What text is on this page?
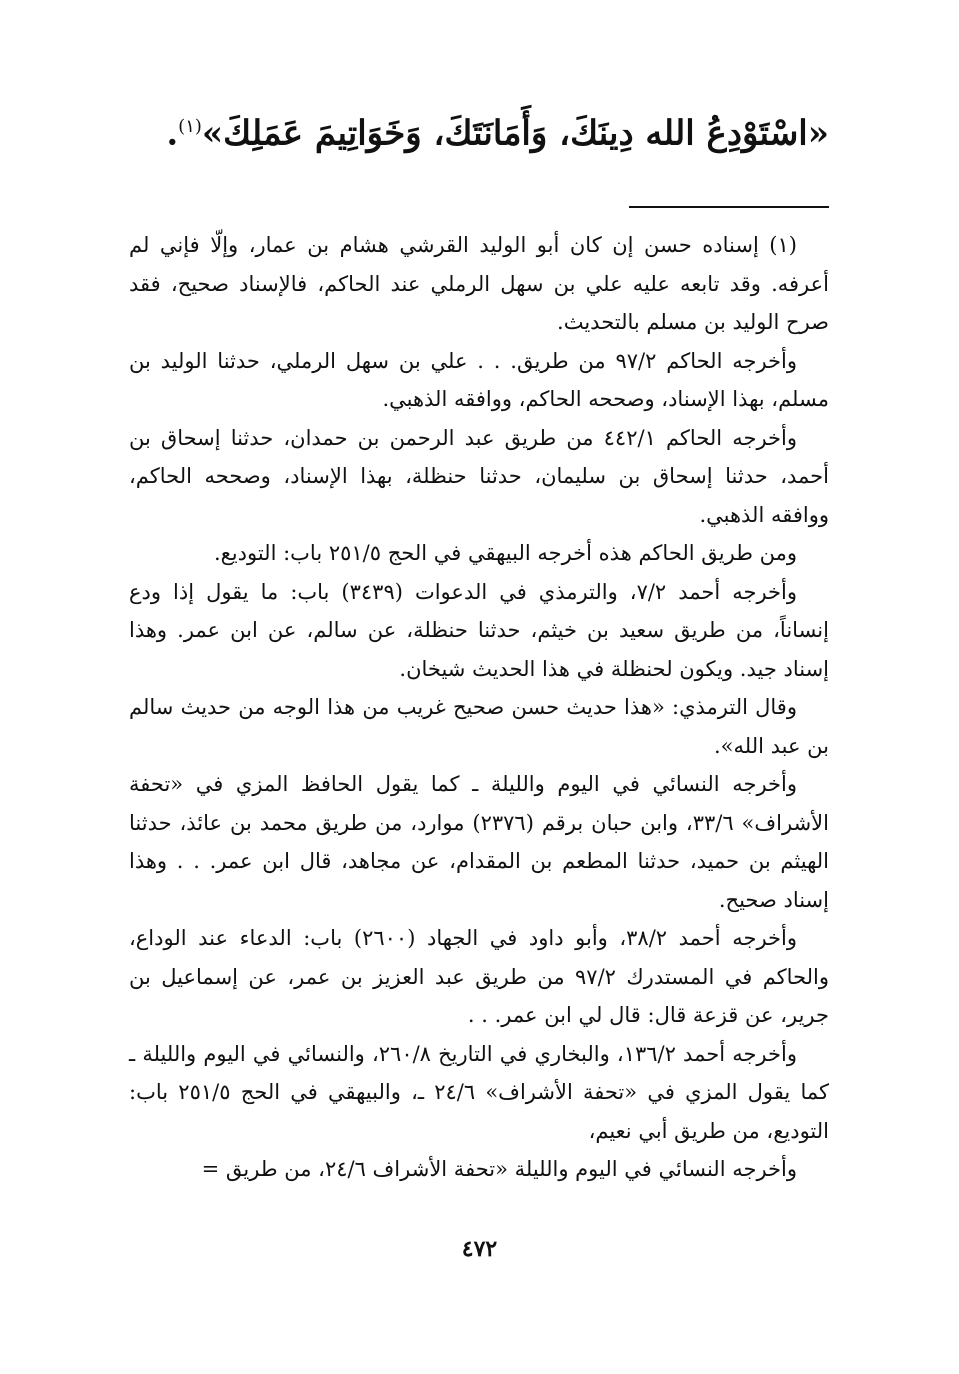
«اسْتَوْدِعُ الله دِينَكَ، وَأَمَانَتَكَ، وَخَوَاتِيمَ عَمَلِكَ»$^{(١)}$.

(١) إسناده حسن إن كان أبو الوليد القرشي هشام بن عمار، وإلّا فإني لم أعرفه. وقد تابعه عليه علي بن سهل الرملي عند الحاكم، فالإسناد صحيح، فقد صرح الوليد بن مسلم بالتحديث.

وأخرجه الحاكم ٩٧/٢ من طريق. . . علي بن سهل الرملي، حدثنا الوليد بن مسلم، بهذا الإسناد، وصححه الحاكم، ووافقه الذهبي.

وأخرجه الحاكم ٤٤٢/١ من طريق عبد الرحمن بن حمدان، حدثنا إسحاق بن أحمد، حدثنا إسحاق بن سليمان، حدثنا حنظلة، بهذا الإسناد، وصححه الحاكم، ووافقه الذهبي.

ومن طريق الحاكم هذه أخرجه البيهقي في الحج ٢٥١/٥ باب: التوديع.

وأخرجه أحمد ٧/٢، والترمذي في الدعوات (٣٤٣٩) باب: ما يقول إذا ودع إنساناً، من طريق سعيد بن خيثم، حدثنا حنظلة، عن سالم، عن ابن عمر. وهذا إسناد جيد. ويكون لحنظلة في هذا الحديث شيخان.

وقال الترمذي: «هذا حديث حسن صحيح غريب من هذا الوجه من حديث سالم بن عبد الله».

وأخرجه النسائي في اليوم والليلة ـ كما يقول الحافظ المزي في «تحفة الأشراف» ٣٣/٦، وابن حبان برقم (٢٣٧٦) موارد، من طريق محمد بن عائذ، حدثنا الهيثم بن حميد، حدثنا المطعم بن المقدام، عن مجاهد، قال ابن عمر. . . وهذا إسناد صحيح.

وأخرجه أحمد ٣٨/٢، وأبو داود في الجهاد (٢٦٠٠) باب: الدعاء عند الوداع، والحاكم في المستدرك ٩٧/٢ من طريق عبد العزيز بن عمر، عن إسماعيل بن جرير، عن قزعة قال: قال لي ابن عمر. . .

وأخرجه أحمد ١٣٦/٢، والبخاري في التاريخ ٢٦٠/٨، والنسائي في اليوم والليلة ـ كما يقول المزي في «تحفة الأشراف» ٢٤/٦ ـ، والبيهقي في الحج ٢٥١/٥ باب: التوديع، من طريق أبي نعيم،

وأخرجه النسائي في اليوم والليلة «تحفة الأشراف ٢٤/٦، من طريق =

٤٧٢
